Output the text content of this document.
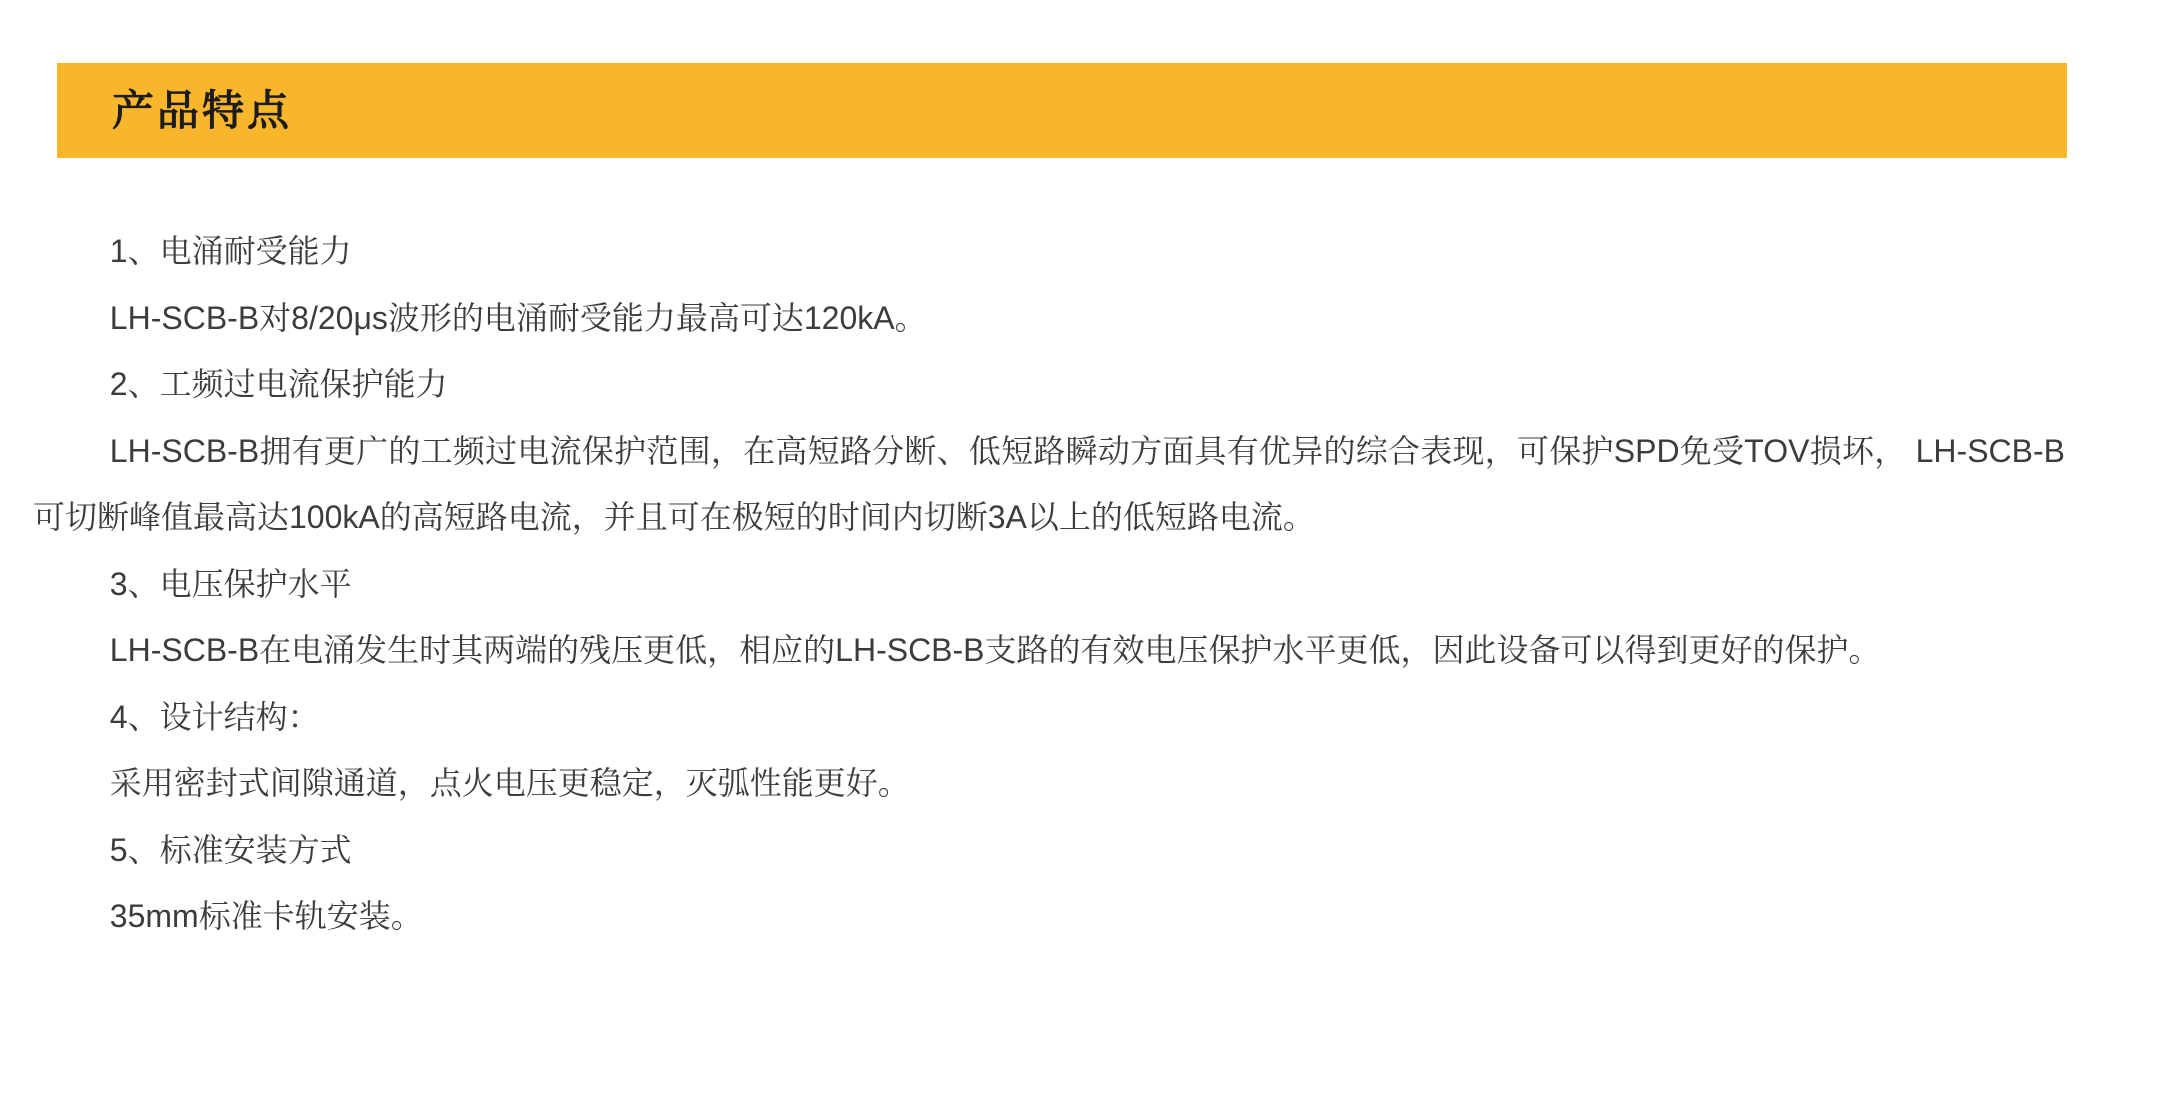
产品特点

1、电涌耐受能力

LH-SCB-B对8/20μs波形的电涌耐受能力最高可达120kA。

2、工频过电流保护能力

LH-SCB-B拥有更广的工频过电流保护范围，在高短路分断、低短路瞬动方面具有优异的综合表现，可保护SPD免受TOV损坏， LH-SCB-B可切断峰值最高达100kA的高短路电流，并且可在极短的时间内切断3A以上的低短路电流。

3、电压保护水平

LH-SCB-B在电涌发生时其两端的残压更低，相应的LH-SCB-B支路的有效电压保护水平更低，因此设备可以得到更好的保护。

4、设计结构：

采用密封式间隙通道，点火电压更稳定，灭弧性能更好。

5、标准安装方式

35mm标准卡轨安装。
